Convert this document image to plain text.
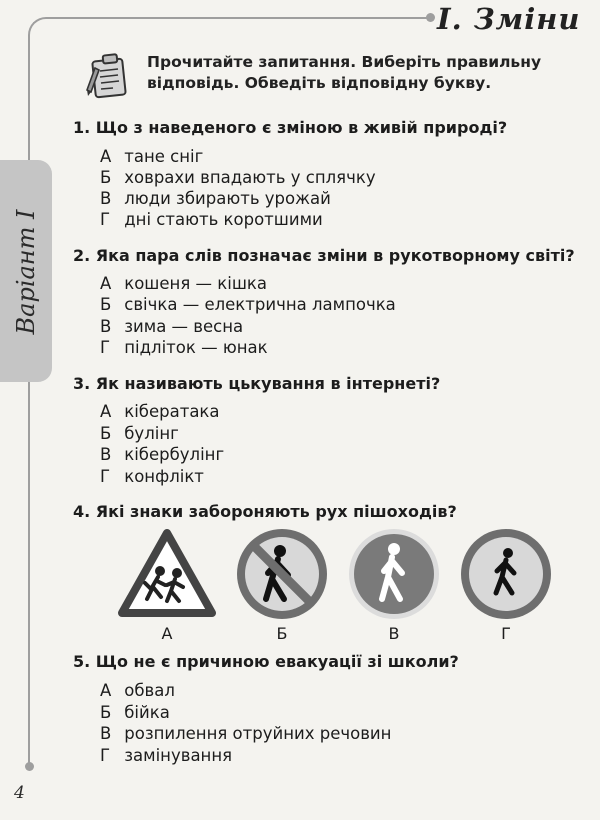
І. Зміни
Варіант І
Прочитайте запитання. Виберіть правильну відповідь. Обведіть відповідну букву.
1. Що з наведеного є зміною в живій природі?
А тане сніг
Б ховрахи впадають у сплячку
В люди збирають урожай
Г дні стають коротшими
2. Яка пара слів позначає зміни в рукотворному світі?
А кошеня — кішка
Б свічка — електрична лампочка
В зима — весна
Г підліток — юнак
3. Як називають цькування в інтернеті?
А кібератака
Б булінг
В кібербулінг
Г конфлікт
4. Які знаки забороняють рух пішоходів?
А	Б	В	Г
5. Що не є причиною евакуації зі школи?
А обвал
Б бійка
В розпилення отруйних речовин
Г замінування
4
